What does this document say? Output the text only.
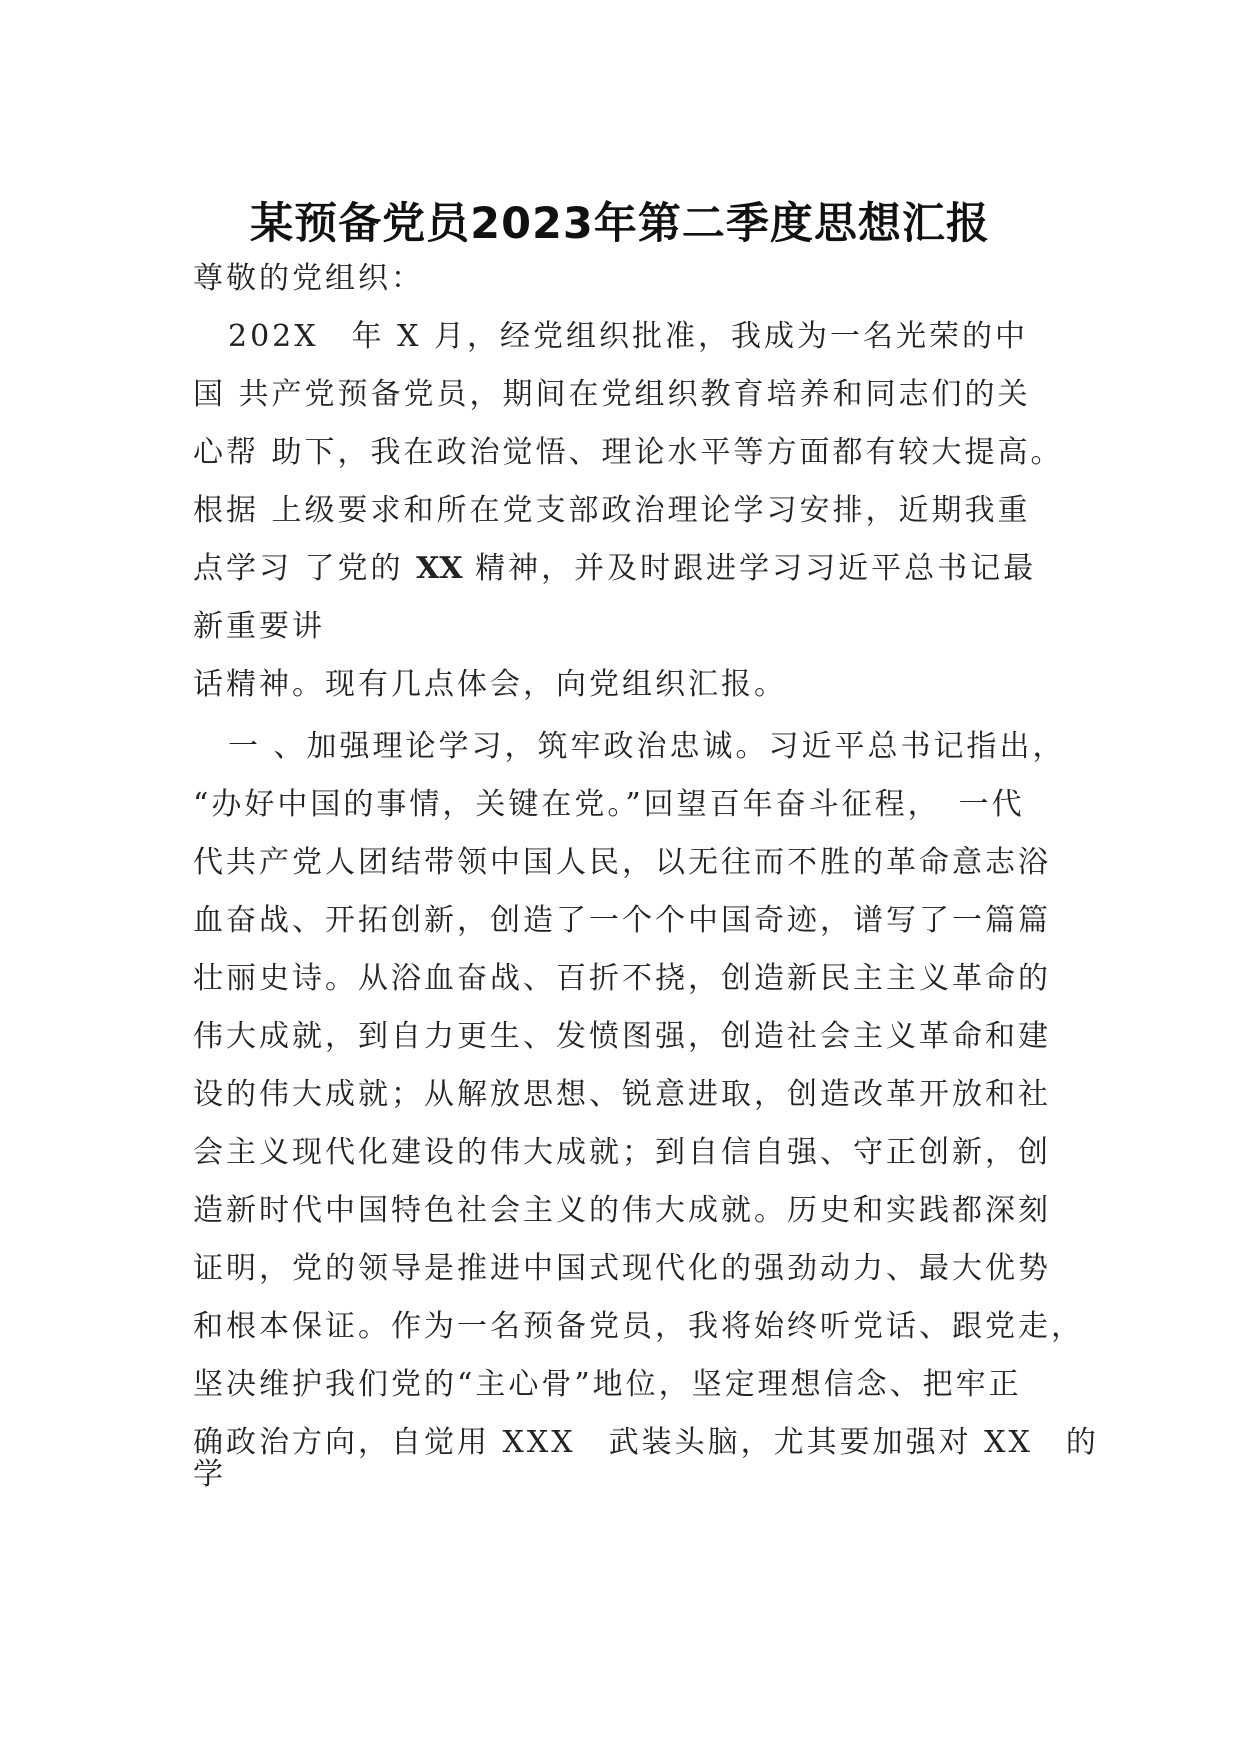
某预备党员2023年第二季度思想汇报
尊敬的党组织：
202X　年 X 月，经党组织批准，我成为一名光荣的中
国 共产党预备党员，期间在党组织教育培养和同志们的关
心帮 助下，我在政治觉悟、理论水平等方面都有较大提高。
根据 上级要求和所在党支部政治理论学习安排，近期我重
点学习 了党的 XX 精神，并及时跟进学习习近平总书记最
新重要讲
话精神。现有几点体会，向党组织汇报。
一 、加强理论学习，筑牢政治忠诚。习近平总书记指出，
“办好中国的事情，关键在党。”回望百年奋斗征程，　一代
代共产党人团结带领中国人民，以无往而不胜的革命意志浴
血奋战、开拓创新，创造了一个个中国奇迹，谱写了一篇篇
壮丽史诗。从浴血奋战、百折不挠，创造新民主主义革命的
伟大成就，到自力更生、发愤图强，创造社会主义革命和建
设的伟大成就；从解放思想、锐意进取，创造改革开放和社
会主义现代化建设的伟大成就；到自信自强、守正创新，创
造新时代中国特色社会主义的伟大成就。历史和实践都深刻
证明，党的领导是推进中国式现代化的强劲动力、最大优势
和根本保证。作为一名预备党员，我将始终听党话、跟党走，
坚决维护我们党的“主心骨”地位，坚定理想信念、把牢正
确政治方向，自觉用 XXX　武装头脑，尤其要加强对 XX　的
学
